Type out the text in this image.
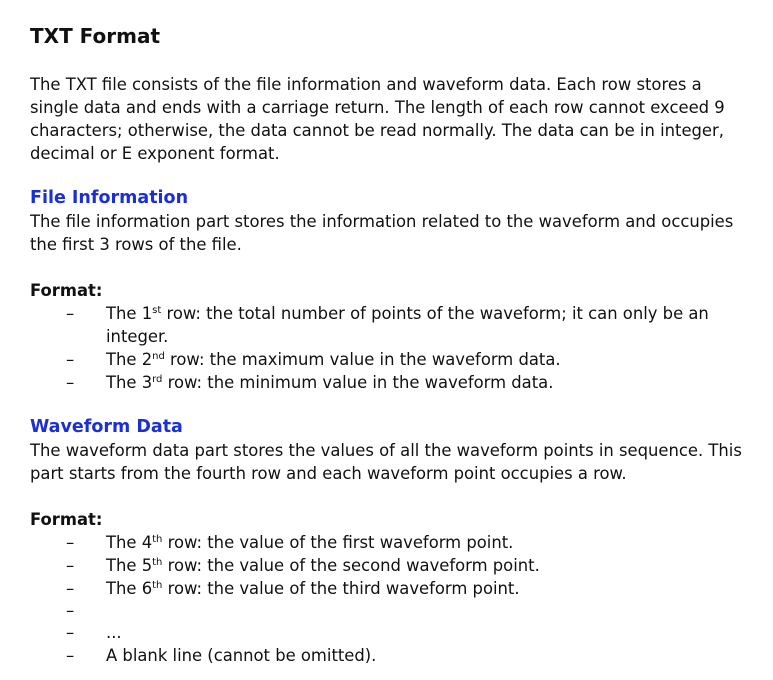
TXT Format

The TXT file consists of the file information and waveform data. Each row stores a single data and ends with a carriage return. The length of each row cannot exceed 9 characters; otherwise, the data cannot be read normally. The data can be in integer, decimal or E exponent format.

File Information

The file information part stores the information related to the waveform and occupies the first 3 rows of the file.

Format:

–	The 1st row: the total number of points of the waveform; it can only be an integer.
–	The 2nd row: the maximum value in the waveform data.
–	The 3rd row: the minimum value in the waveform data.
Waveform Data

The waveform data part stores the values of all the waveform points in sequence. This part starts from the fourth row and each waveform point occupies a row.

Format:

–	The 4th row: the value of the first waveform point.
–	The 5th row: the value of the second waveform point.
–	The 6th row: the value of the third waveform point.
–
–	...
–	A blank line (cannot be omitted).
